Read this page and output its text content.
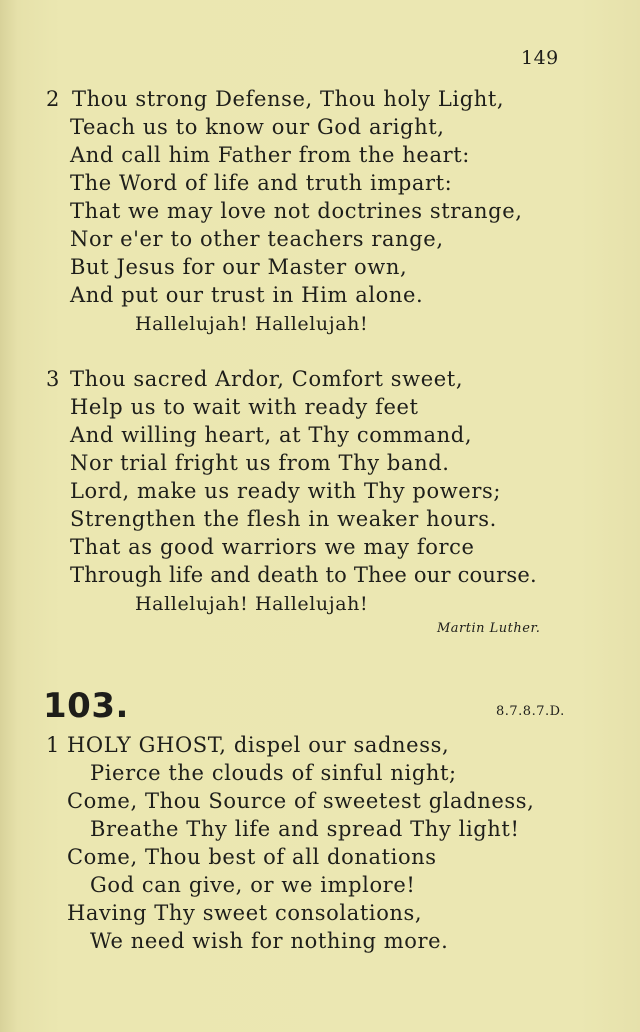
149
2 Thou strong Defense, Thou holy Light,
Teach us to know our God aright,
And call him Father from the heart:
The Word of life and truth impart:
That we may love not doctrines strange,
Nor e'er to other teachers range,
But Jesus for our Master own,
And put our trust in Him alone.
Hallelujah! Hallelujah!
3 Thou sacred Ardor, Comfort sweet,
Help us to wait with ready feet
And willing heart, at Thy command,
Nor trial fright us from Thy band.
Lord, make us ready with Thy powers;
Strengthen the flesh in weaker hours.
That as good warriors we may force
Through life and death to Thee our course.
Hallelujah! Hallelujah!
Martin Luther.
103.	8.7.8.7.D.
1 HOLY GHOST, dispel our sadness,
Pierce the clouds of sinful night;
Come, Thou Source of sweetest gladness,
Breathe Thy life and spread Thy light!
Come, Thou best of all donations
God can give, or we implore!
Having Thy sweet consolations,
We need wish for nothing more.
